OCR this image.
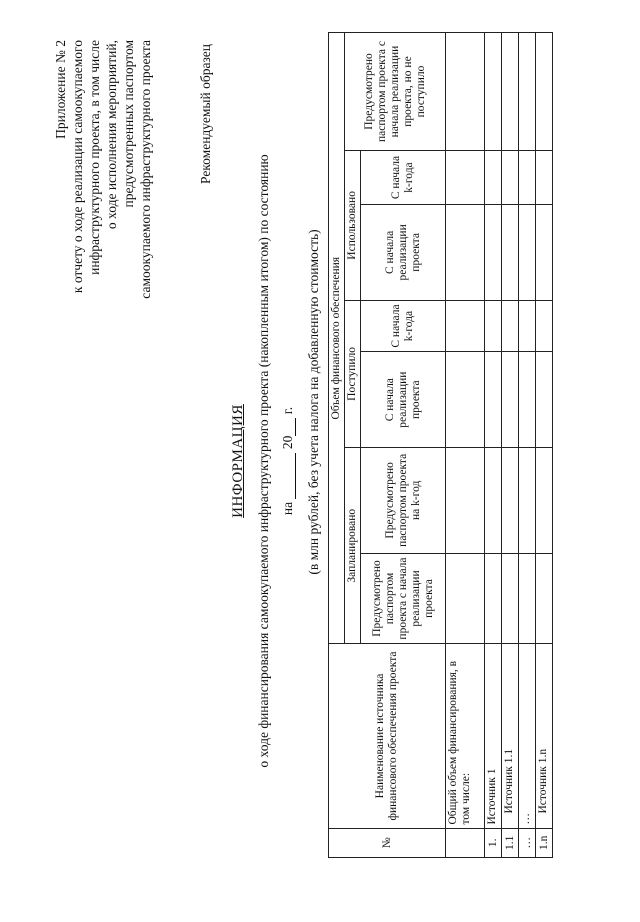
Приложение № 2 к отчету о ходе реализации самоокупаемого инфраструктурного проекта, в том числе о ходе исполнения мероприятий, предусмотренных паспортом самоокупаемого инфраструктурного проекта	Рекомендуемый образец
ИНФОРМАЦИЯ о ходе финансирования самоокупаемого инфраструктурного проекта (накопленным итогом) по состоянию на  20 г. (в млн рублей, без учета налога на добавленную стоимость)
№	Наименование источника финансового обеспечения проекта	Объем финансового обеспечения						
		Запланировано		Поступило		Использовано		Предусмотрено паспортом проекта с начала реализации проекта, но не поступило
		Предусмотрено паспортом проекта с начала реализации проекта	Предусмотрено паспортом проекта на k-год	С начала реализации проекта	С начала k-года	С начала реализации проекта	С начала k-года	
	Общий объем финансирования, в том числе:							
1.	Источник 1							
1.1	Источник 1.1							
…	…							
1.n	Источник 1.n							
